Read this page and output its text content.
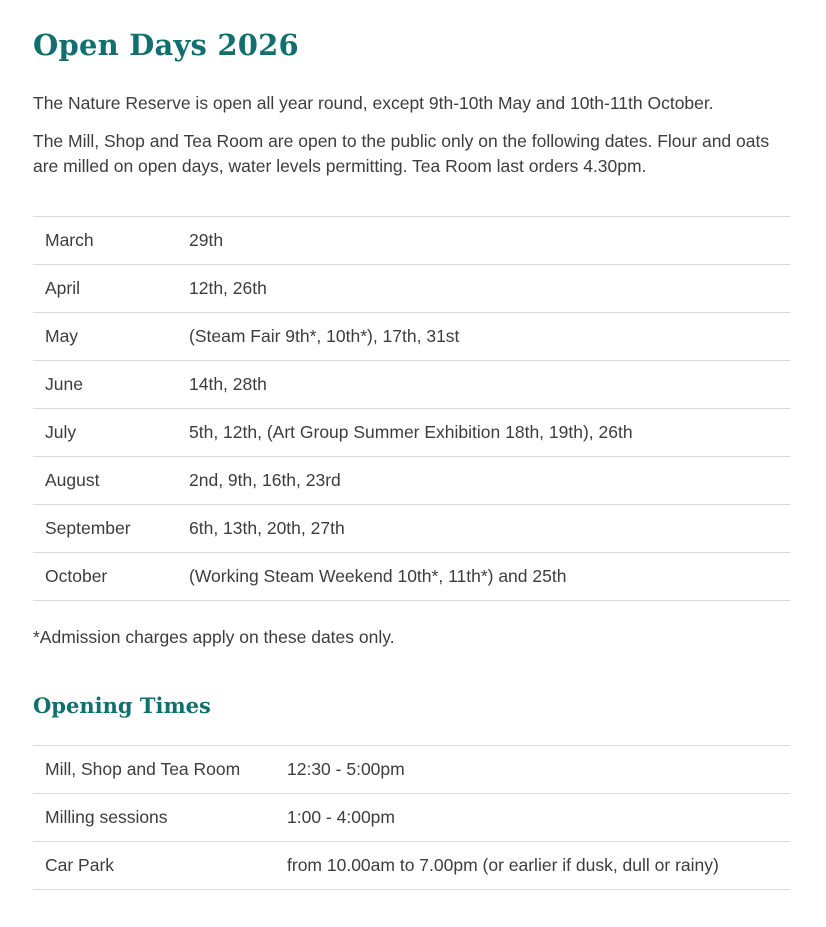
Open Days 2026

The Nature Reserve is open all year round, except 9th-10th May and 10th-11th October.

The Mill, Shop and Tea Room are open to the public only on the following dates. Flour and oats are milled on open days, water levels permitting. Tea Room last orders 4.30pm.

March	29th
April	12th, 26th
May	(Steam Fair 9th*, 10th*), 17th, 31st
June	14th, 28th
July	5th, 12th, (Art Group Summer Exhibition 18th, 19th), 26th
August	2nd, 9th, 16th, 23rd
September	6th, 13th, 20th, 27th
October	(Working Steam Weekend 10th*, 11th*) and 25th

*Admission charges apply on these dates only.

Opening Times
Mill, Shop and Tea Room	12:30 - 5:00pm
Milling sessions	1:00 - 4:00pm
Car Park	from 10.00am to 7.00pm (or earlier if dusk, dull or rainy)
